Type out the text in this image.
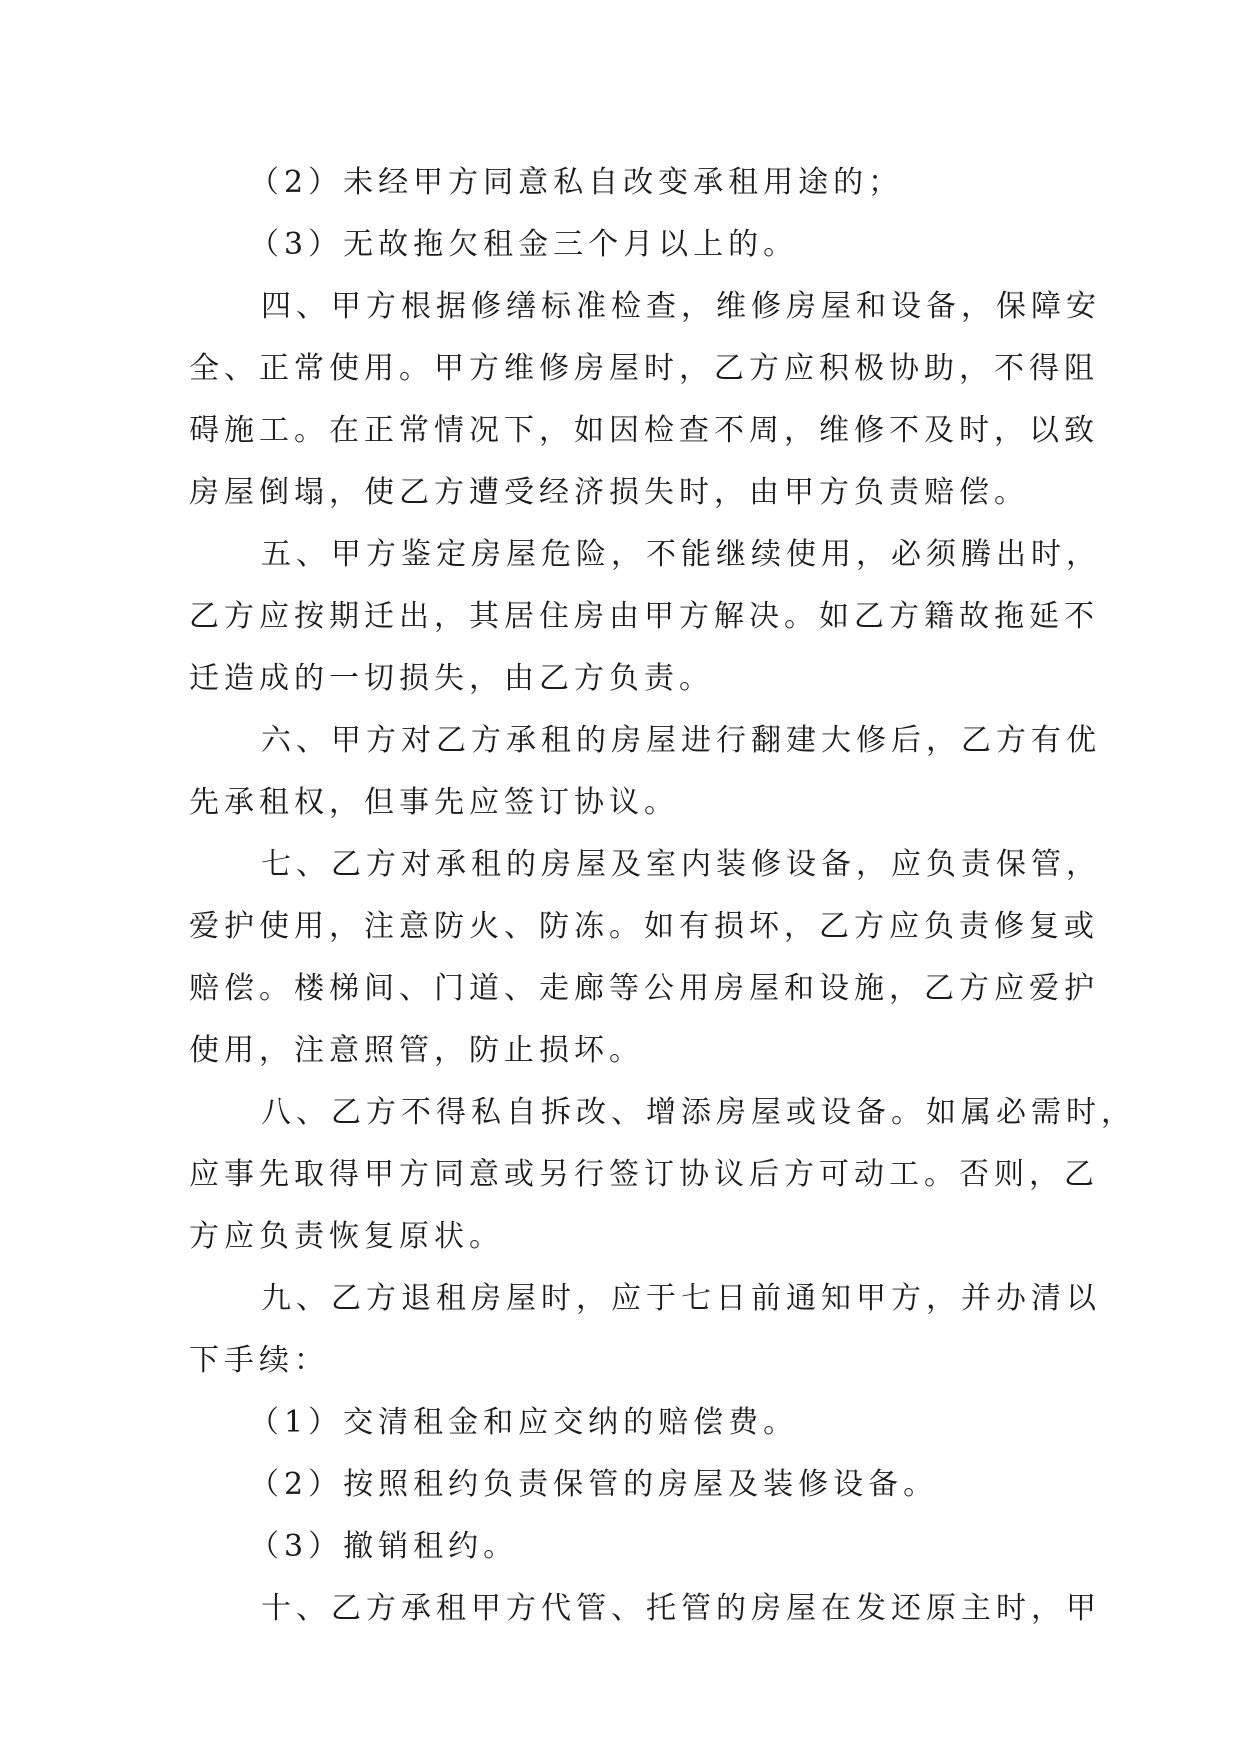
（2）未经甲方同意私自改变承租用途的；
（3）无故拖欠租金三个月以上的。
四、甲方根据修缮标准检查，维修房屋和设备，保障安
全、正常使用。甲方维修房屋时，乙方应积极协助，不得阻
碍施工。在正常情况下，如因检查不周，维修不及时，以致
房屋倒塌，使乙方遭受经济损失时，由甲方负责赔偿。
五、甲方鉴定房屋危险，不能继续使用，必须腾出时，
乙方应按期迁出，其居住房由甲方解决。如乙方籍故拖延不
迁造成的一切损失，由乙方负责。
六、甲方对乙方承租的房屋进行翻建大修后，乙方有优
先承租权，但事先应签订协议。
七、乙方对承租的房屋及室内装修设备，应负责保管，
爱护使用，注意防火、防冻。如有损坏，乙方应负责修复或
赔偿。楼梯间、门道、走廊等公用房屋和设施，乙方应爱护
使用，注意照管，防止损坏。
八、乙方不得私自拆改、增添房屋或设备。如属必需时，
应事先取得甲方同意或另行签订协议后方可动工。否则，乙
方应负责恢复原状。
九、乙方退租房屋时，应于七日前通知甲方，并办清以
下手续：
（1）交清租金和应交纳的赔偿费。
（2）按照租约负责保管的房屋及装修设备。
（3）撤销租约。
十、乙方承租甲方代管、托管的房屋在发还原主时，甲
